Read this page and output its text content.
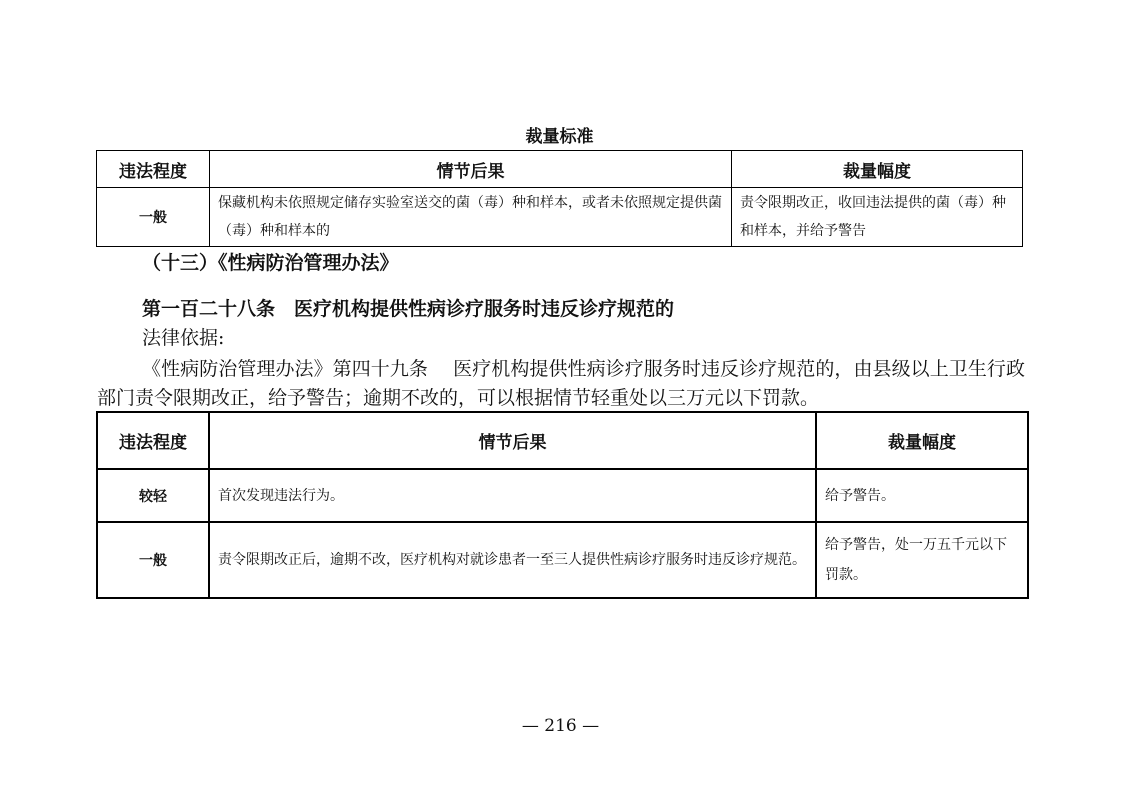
裁量标准
违法程度	情节后果	裁量幅度
一般	保藏机构未依照规定储存实验室送交的菌（毒）种和样本，或者未依照规定提供菌（毒）种和样本的	责令限期改正，收回违法提供的菌（毒）种和样本，并给予警告
（十三）《性病防治管理办法》
第一百二十八条　医疗机构提供性病诊疗服务时违反诊疗规范的
法律依据:
《性病防治管理办法》第四十九条　 医疗机构提供性病诊疗服务时违反诊疗规范的，由县级以上卫生行政部门责令限期改正，给予警告；逾期不改的，可以根据情节轻重处以三万元以下罚款。
违法程度	情节后果	裁量幅度
较轻	首次发现违法行为。	给予警告。
一般	责令限期改正后，逾期不改，医疗机构对就诊患者一至三人提供性病诊疗服务时违反诊疗规范。	给予警告，处一万五千元以下罚款。
— 216 —
